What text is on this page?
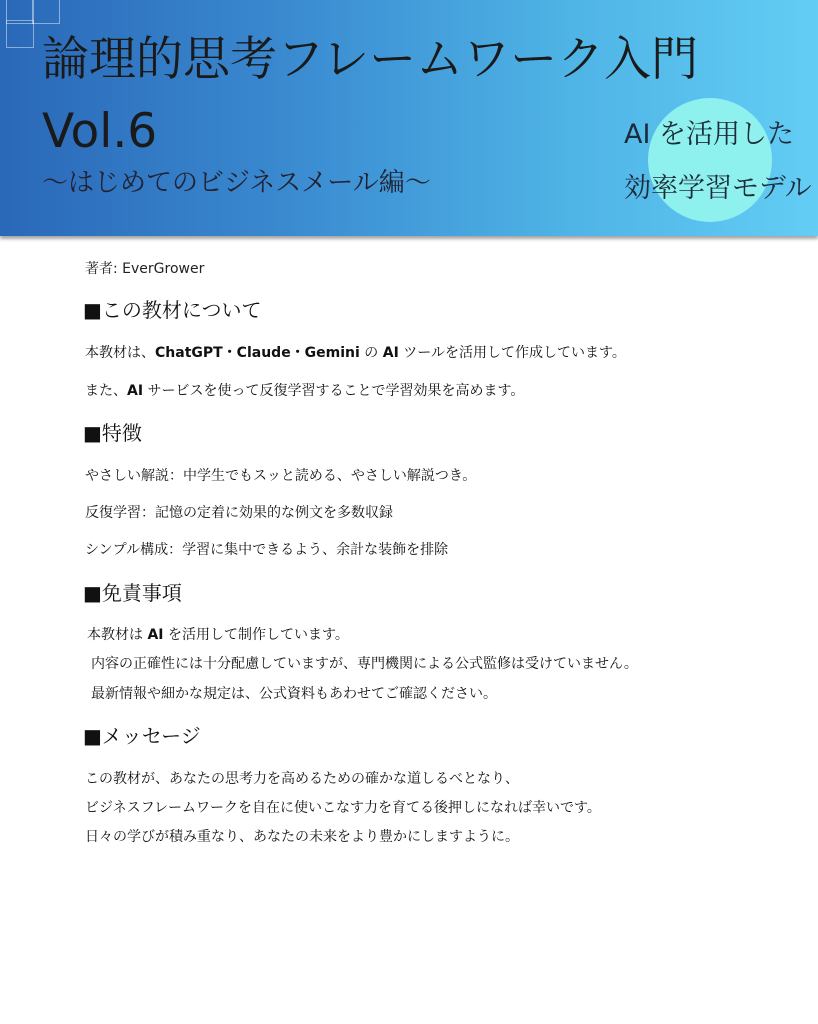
論理的思考フレームワーク入門
Vol.6
〜はじめてのビジネスメール編〜
AI を活用した
効率学習モデル
著者: EverGrower
■この教材について

本教材は、ChatGPT・Claude・Gemini の AI ツールを活用して作成しています。

また、AI サービスを使って反復学習することで学習効果を高めます。

■特徴

やさしい解説：中学生でもスッと読める、やさしい解説つき。

反復学習：記憶の定着に効果的な例文を多数収録

シンプル構成：学習に集中できるよう、余計な装飾を排除

■免責事項

本教材は AI を活用して制作しています。

内容の正確性には十分配慮していますが、専門機関による公式監修は受けていません。

最新情報や細かな規定は、公式資料もあわせてご確認ください。

■メッセージ

この教材が、あなたの思考力を高めるための確かな道しるべとなり、

ビジネスフレームワークを自在に使いこなす力を育てる後押しになれば幸いです。

日々の学びが積み重なり、あなたの未来をより豊かにしますように。
